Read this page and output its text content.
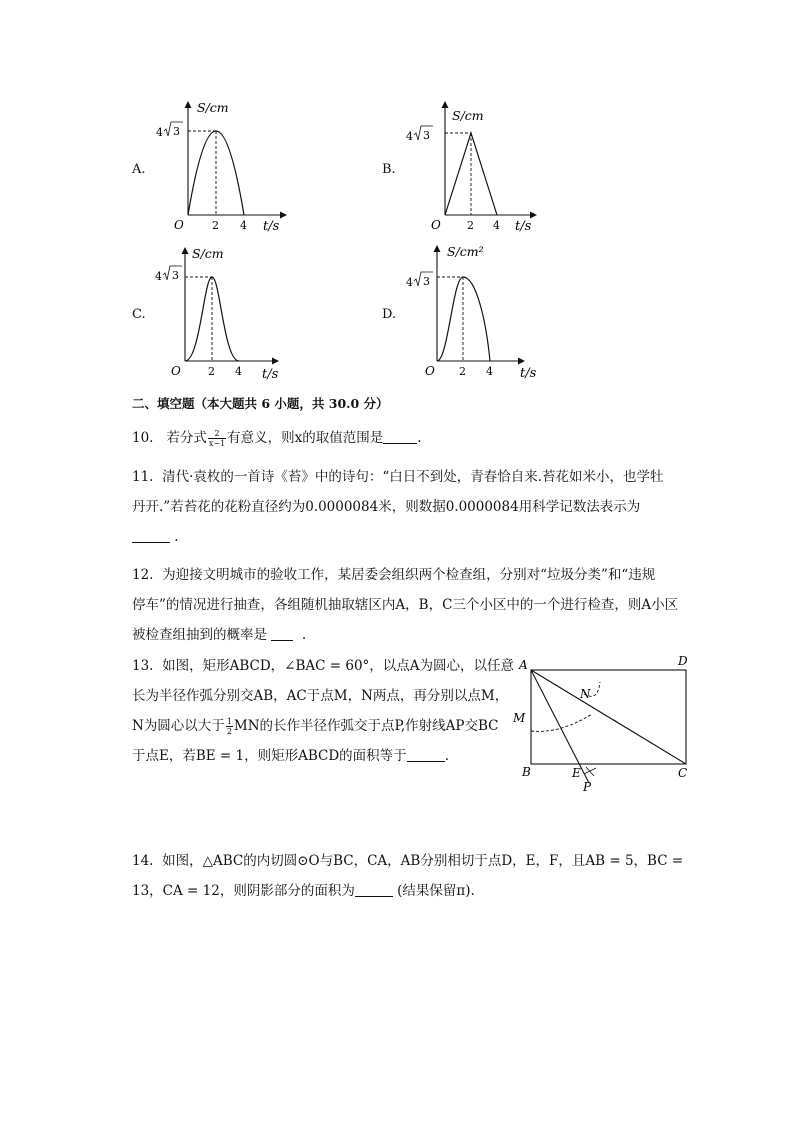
A.
S/cm
t/s
O	2 4
4 3
B.
S/cm
t/s
O 2 4
4 3
C.
S/cm
t/s
O 2 4
4 3
D.
S/cm²
t/s
O 2 4
4 3
二、填空题（本大题共 6 小题，共 30.0 分）
10. 若分式 $\frac{2}{x-1}$ 有意义，则x的取值范围是	.
11. 清代·袁枚的一首诗《苔》中的诗句：“白日不到处，青春恰自来.苔花如米小，也学牡
丹开.”若苔花的花粉直径约为0.0000084米，则数据0.0000084用科学记数法表示为
.
12. 为迎接文明城市的验收工作，某居委会组织两个检查组，分别对“垃圾分类”和“违规
停车”的情况进行抽查，各组随机抽取辖区内A，B，C三个小区中的一个进行检查，则A小区
被检查组抽到的概率是	.
13. 如图，矩形ABCD，∠BAC = 60°，以点A为圆心，以任意
长为半径作弧分别交AB，AC于点M，N两点，再分别以点M，
N为圆心以大于 $\frac{1}{2}$ MN的长作半径作弧交于点P,作射线AP交BC
于点E，若BE = 1，则矩形ABCD的面积等于	.
A	D
B	C
M
N
E
P
14. 如图，△ABC的内切圆⊙O与BC，CA，AB分别相切于点D，E，F，且AB = 5，BC =
13，CA = 12，则阴影部分的面积为	(结果保留π).
